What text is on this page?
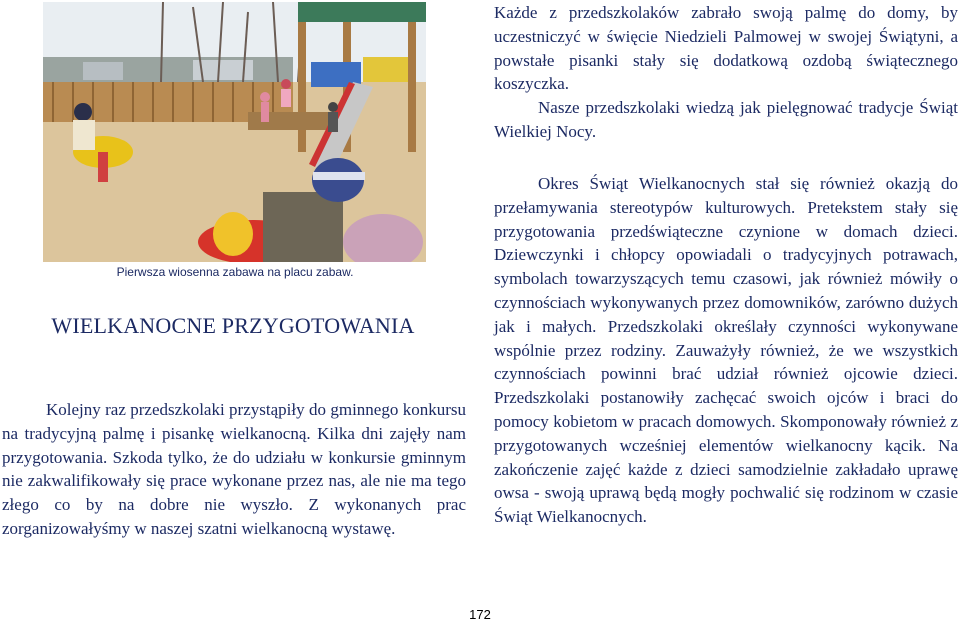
Pierwsza wiosenna zabawa na placu zabaw.
WIELKANOCNE PRZYGOTOWANIA

Kolejny raz przedszkolaki przystąpiły do gminnego konkursu na tradycyjną palmę i pisankę wielkanocną. Kilka dni zajęły nam przygotowania. Szkoda tylko, że do udziału w konkursie gminnym nie zakwalifikowały się prace wykonane przez nas, ale nie ma tego złego co by na dobre nie wyszło. Z wykonanych prac zorganizowałyśmy w naszej szatni wielkanocną wystawę.

Każde z przedszkolaków zabrało swoją palmę do domy, by uczestniczyć w święcie Niedzieli Palmowej w swojej Świątyni, a powstałe pisanki stały się dodatkową ozdobą świątecznego koszyczka.

Nasze przedszkolaki wiedzą jak pielęgnować tradycje Świąt Wielkiej Nocy.

Okres Świąt Wielkanocnych stał się również okazją do przełamywania stereotypów kulturowych. Pretekstem stały się przygotowania przedświąteczne czynione w domach dzieci. Dziewczynki i chłopcy opowiadali o tradycyjnych potrawach, symbolach towarzyszących temu czasowi, jak również mówiły o czynnościach wykonywanych przez domowników, zarówno dużych jak i małych. Przedszkolaki określały czynności wykonywane wspólnie przez rodziny. Zauważyły również, że we wszystkich czynnościach powinni brać udział również ojcowie dzieci. Przedszkolaki postanowiły zachęcać swoich ojców i braci do pomocy kobietom w pracach domowych. Skomponowały również z przygotowanych wcześniej elementów wielkanocny kącik. Na zakończenie zajęć każde z dzieci samodzielnie zakładało uprawę owsa - swoją uprawą będą mogły pochwalić się rodzinom w czasie Świąt Wielkanocnych.

172
